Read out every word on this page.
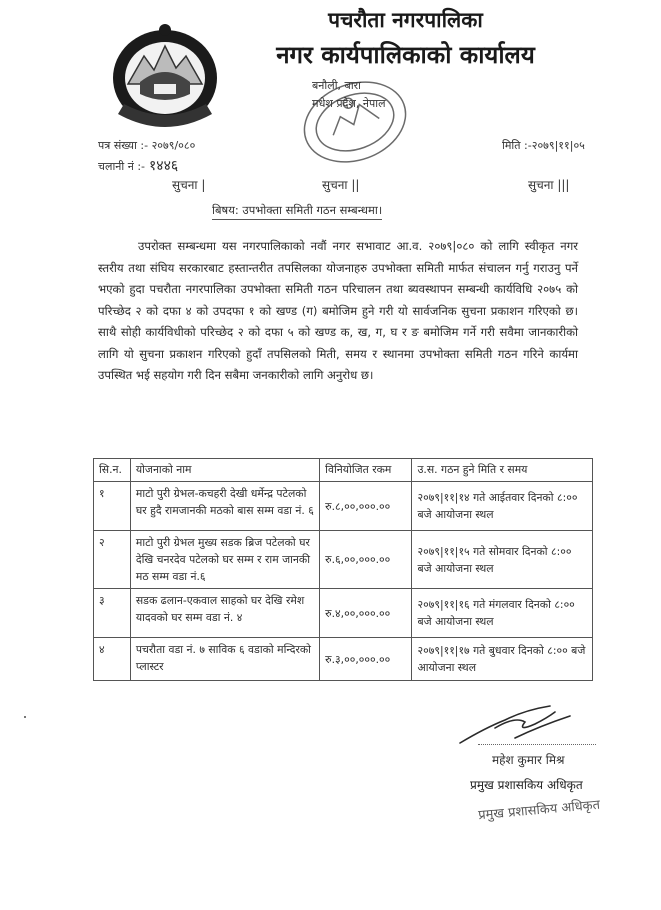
पचरौता नगरपालिका
नगर कार्यपालिकाको कार्यालय
बनौली, बारा
मधेश प्रदेश, नेपाल
पत्र संख्या :- २०७९/०८०
चलानी नं :- १४४६
मिति :-२०७९|११|०५
सुचना |	सुचना ||	सुचना |||
बिषय: उपभोक्ता समिती गठन सम्बन्धमा।
उपरोक्त सम्बन्धमा यस नगरपालिकाको नवौं नगर सभावाट आ.व. २०७९|०८० को लागि स्वीकृत नगर स्तरीय तथा संघिय सरकारबाट हस्तान्तरीत तपसिलका योजनाहरु उपभोक्ता समिती मार्फत संचालन गर्नु गराउनु पर्ने भएको हुदा पचरौता नगरपालिका उपभोक्ता समिती गठन परिचालन तथा ब्यवस्थापन सम्बन्धी कार्यविधि २०७५ को परिच्छेद २ को दफा ४ को उपदफा १ को खण्ड (ग) बमोजिम हुने गरी यो सार्वजनिक सुचना प्रकाशन गरिएको छ। साथै सोही कार्यविधीको परिच्छेद २ को दफा ५ को खण्ड क, ख, ग, घ र ङ बमोजिम गर्ने गरी सवैमा जानकारीको लागि यो सुचना प्रकाशन गरिएको हुदाँ तपसिलको मिती, समय र स्थानमा उपभोक्ता समिती गठन गरिने कार्यमा उपस्थित भई सहयोग गरी दिन सबैमा जनकारीको लागि अनुरोध छ।
सि.न.	योजनाको नाम	विनियोजित रकम	उ.स. गठन हुने मिति र समय
१	माटो पुरी ग्रेभल-कचहरी देखी धर्मेन्द्र पटेलको घर हुदै रामजानकी मठको बास सम्म वडा नं. ६	रु.८,००,०००.००	२०७९|११|१४ गते आईतवार दिनको ८:०० बजे आयोजना स्थल
२	माटो पुरी ग्रेभल मुख्य सडक ब्रिज पटेलको घर देखि चनरदेव पटेलको घर सम्म र राम जानकी मठ सम्म वडा नं.६	रु.६,००,०००.००	२०७९|११|१५ गते सोमवार दिनको ८:०० बजे आयोजना स्थल
३	सडक ढलान-एकवाल साहको घर देखि रमेश यादवको घर सम्म वडा नं. ४	रु.४,००,०००.००	२०७९|११|१६ गते मंगलवार दिनको ८:०० बजे आयोजना स्थल
४	पचरौता वडा नं. ७ साविक ६ वडाको मन्दिरको प्लास्टर	रु.३,००,०००.००	२०७९|११|१७ गते बुधवार दिनको ८:०० बजे आयोजना स्थल
महेश कुमार मिश्र
प्रमुख प्रशासकिय अधिकृत
प्रमुख प्रशासकिय अधिकृत
